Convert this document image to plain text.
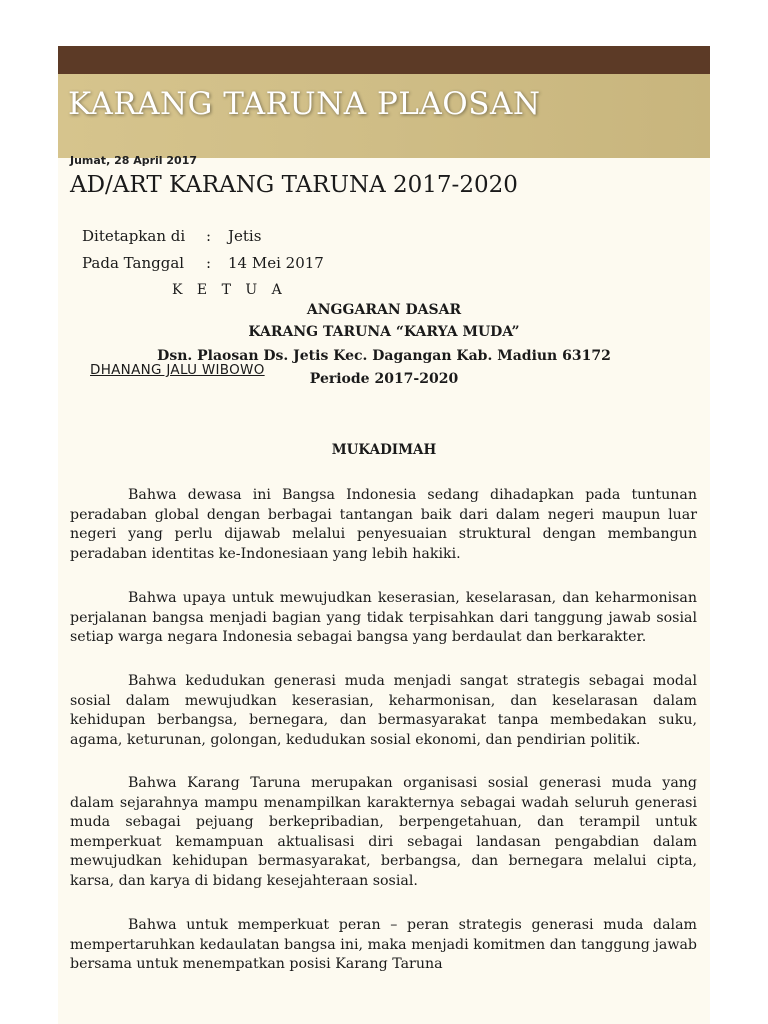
KARANG TARUNA PLAOSAN
Jumat, 28 April 2017
AD/ART KARANG TARUNA 2017-2020
Ditetapkan di : Jetis
Pada Tanggal : 14 Mei 2017
K E T U A
ANGGARAN DASAR
KARANG TARUNA “KARYA MUDA”
Dsn. Plaosan Ds. Jetis Kec. Dagangan Kab. Madiun 63172
Periode 2017-2020
DHANANG JALU WIBOWO
MUKADIMAH

Bahwa dewasa ini Bangsa Indonesia sedang dihadapkan pada tuntunan peradaban global dengan berbagai tantangan baik dari dalam negeri maupun luar negeri yang perlu dijawab melalui penyesuaian struktural dengan membangun peradaban identitas ke-Indonesiaan yang lebih hakiki.

Bahwa upaya untuk mewujudkan keserasian, keselarasan, dan keharmonisan perjalanan bangsa menjadi bagian yang tidak terpisahkan dari tanggung jawab sosial setiap warga negara Indonesia sebagai bangsa yang berdaulat dan berkarakter.

Bahwa kedudukan generasi muda menjadi sangat strategis sebagai modal sosial dalam mewujudkan keserasian, keharmonisan, dan keselarasan dalam kehidupan berbangsa, bernegara, dan bermasyarakat tanpa membedakan suku, agama, keturunan, golongan, kedudukan sosial ekonomi, dan pendirian politik.

Bahwa Karang Taruna merupakan organisasi sosial generasi muda yang dalam sejarahnya mampu menampilkan karakternya sebagai wadah seluruh generasi muda sebagai pejuang berkepribadian, berpengetahuan, dan terampil untuk memperkuat kemampuan aktualisasi diri sebagai landasan pengabdian dalam mewujudkan kehidupan bermasyarakat, berbangsa, dan bernegara melalui cipta, karsa, dan karya di bidang kesejahteraan sosial.

Bahwa untuk memperkuat peran – peran strategis generasi muda dalam mempertaruhkan kedaulatan bangsa ini, maka menjadi komitmen dan tanggung jawab bersama untuk menempatkan posisi Karang Taruna
